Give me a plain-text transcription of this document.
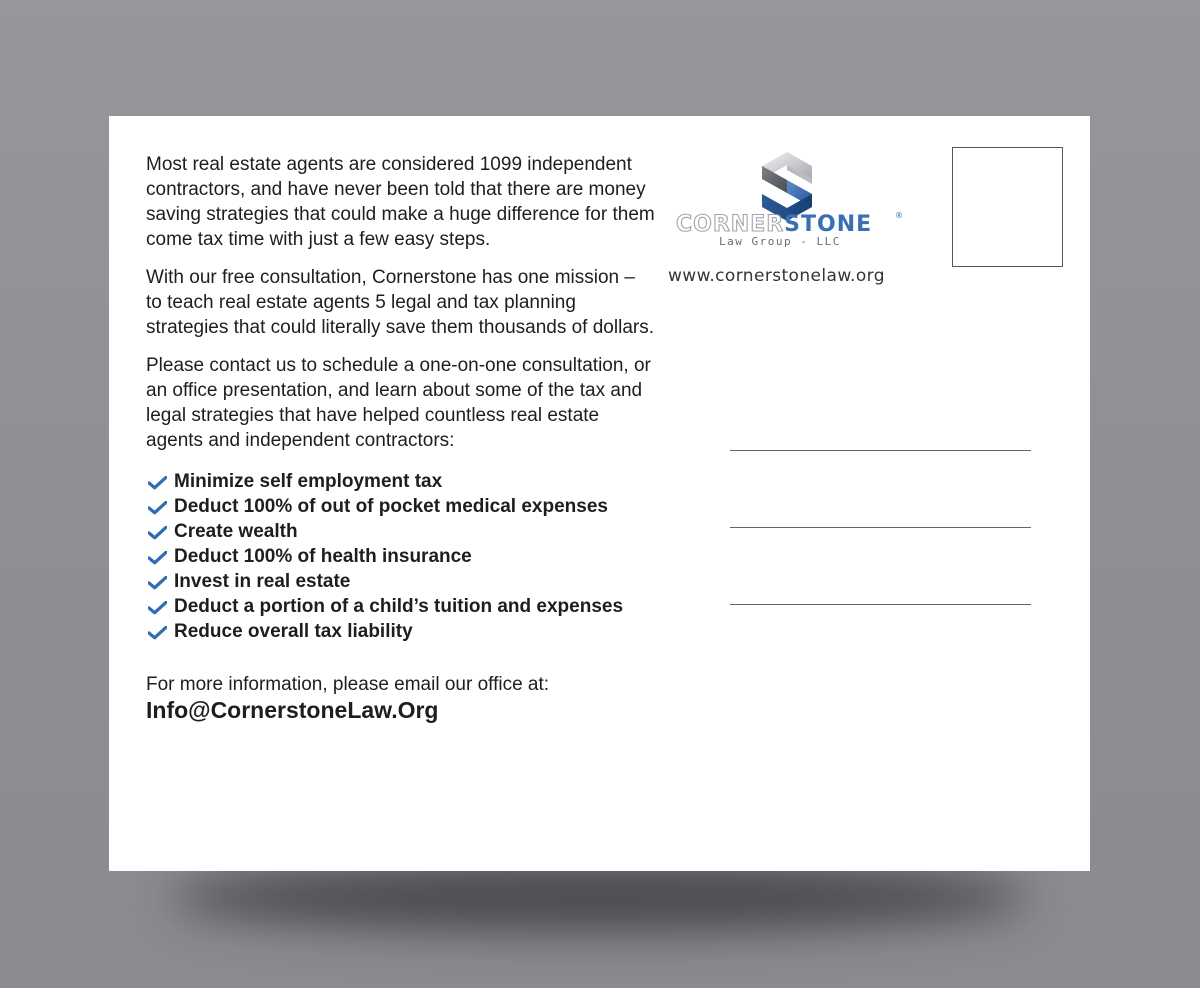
Most real estate agents are considered 1099 independent contractors, and have never been told that there are money saving strategies that could make a huge difference for them come tax time with just a few easy steps.

With our free consultation, Cornerstone has one mission – to teach real estate agents 5 legal and tax planning strategies that could literally save them thousands of dollars.

Please contact us to schedule a one-on-one consultation, or an office presentation, and learn about some of the tax and legal strategies that have helped countless real estate agents and independent contractors:

Minimize self employment tax
Deduct 100% of out of pocket medical expenses
Create wealth
Deduct 100% of health insurance
Invest in real estate
Deduct a portion of a child’s tuition and expenses
Reduce overall tax liability

For more information, please email our office at:

Info@CornerstoneLaw.Org
CORNERSTONE	®
Law Group - LLC
www.cornerstonelaw.org
